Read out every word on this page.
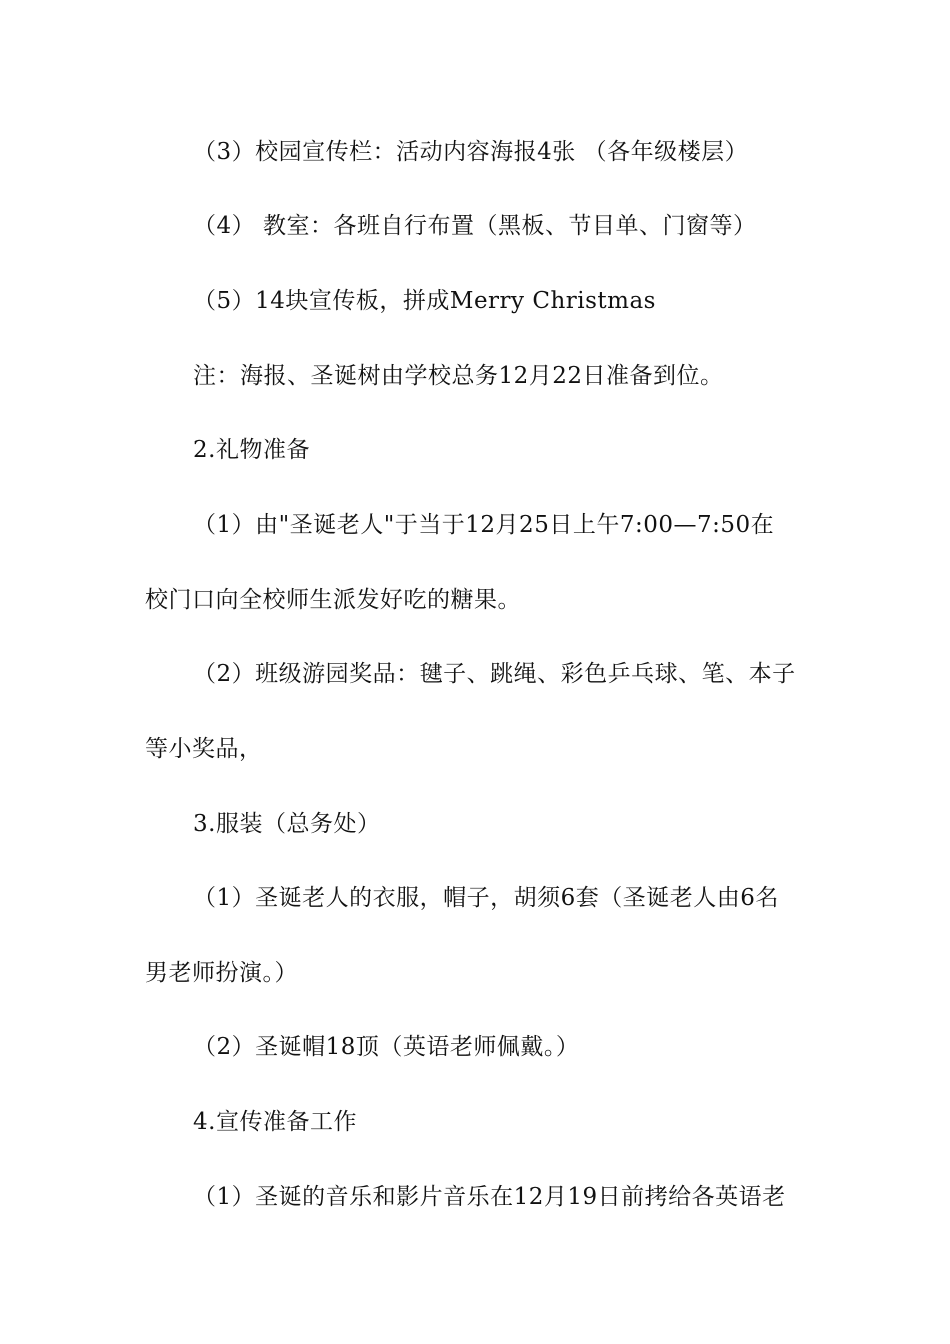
（3）校园宣传栏：活动内容海报4张 （各年级楼层）
（4） 教室：各班自行布置（黑板、节目单、门窗等）
（5）14块宣传板，拼成Merry Christmas
注：海报、圣诞树由学校总务12月22日准备到位。
2.礼物准备
（1）由"圣诞老人"于当于12月25日上午7:00—7:50在
校门口向全校师生派发好吃的糖果。
（2）班级游园奖品：毽子、跳绳、彩色乒乓球、笔、本子
等小奖品，
3.服装（总务处）
（1）圣诞老人的衣服，帽子，胡须6套（圣诞老人由6名
男老师扮演。）
（2）圣诞帽18顶（英语老师佩戴。）
4.宣传准备工作
（1）圣诞的音乐和影片音乐在12月19日前拷给各英语老
